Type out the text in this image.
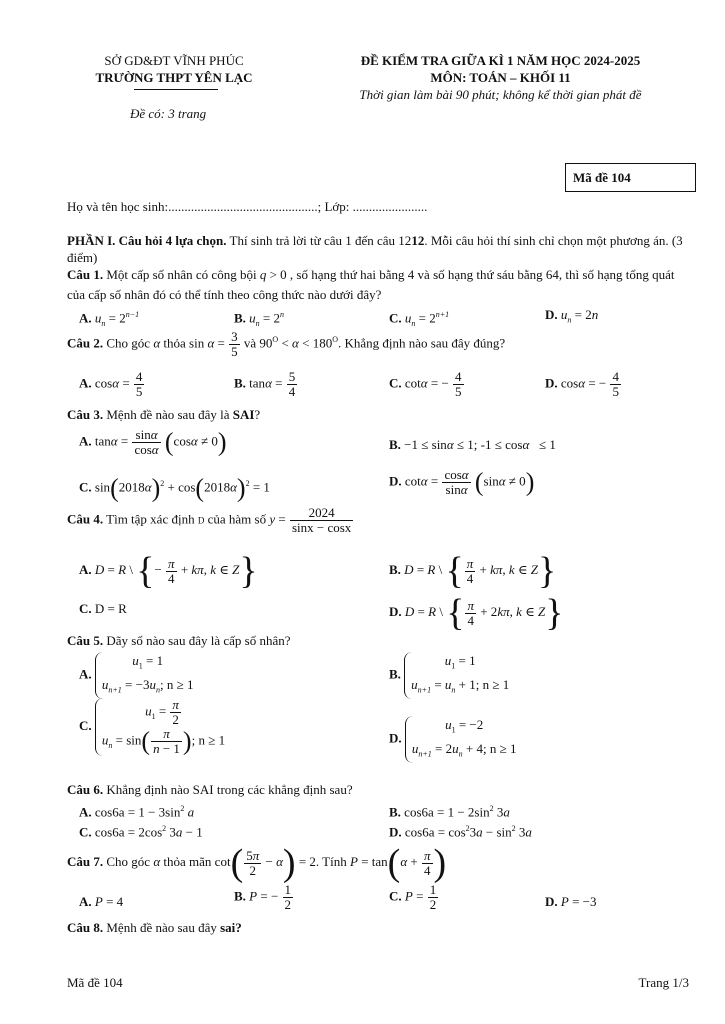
SỞ GD&ĐT VĨNH PHÚC
TRƯỜNG THPT YÊN LẠC
Đề có: 3 trang
ĐỀ KIỂM TRA GIỮA KÌ 1 NĂM HỌC 2024-2025
MÔN: TOÁN – KHỐI 11
Thời gian làm bài 90 phút; không kể thời gian phát đề
Mã đề 104
Họ và tên học sinh:..............................................; Lớp: .......................
PHẦN I. Câu hỏi 4 lựa chọn. Thí sinh trả lời từ câu 1 đến câu 1212. Mỗi câu hỏi thí sinh chỉ chọn một phương án. (3 điểm)
Câu 1. Một cấp số nhân có công bội q > 0 , số hạng thứ hai bằng 4 và số hạng thứ sáu bằng 64, thì số hạng tổng quát của cấp số nhân đó có thể tính theo công thức nào dưới đây?
A. $u_n = 2^{n-1}$	B. $u_n = 2^n$	C. $u_n = 2^{n+1}$	D. $u_n = 2n$
Câu 2. Cho góc α thỏa $\sin \alpha = \frac{3}{5}$ và $90^O < \alpha < 180^O$. Khẳng định nào sau đây đúng?
A. $\cos\alpha = \frac{4}{5}$	B. $\tan\alpha = \frac{5}{4}$	C. cotα = − $\frac{4}{5}$	D. cosα = − $\frac{4}{5}$
Câu 3. Mệnh đề nào sau đây là SAI?
A. $\tan\alpha = \frac{\sin\alpha}{\cos\alpha} (\cos\alpha \ne 0)$	B. −1 ≤ sinα ≤ 1; -1 ≤ cosα   ≤ 1
C. $\sin(2018\alpha)^2 + \cos(2018\alpha)^2 = 1$	D. $\cot\alpha = \frac{\cos\alpha}{\sin\alpha} (\sin\alpha \ne 0)$
Câu 4. Tìm tập xác định D của hàm số $y = \frac{2024}{\sin x - \cos x}$
A. D = R \ {− $\frac{\pi}{4} + k\pi$, k ∈ Z}	B. D = R \ { $\frac{\pi}{4} + k\pi$, k ∈ Z}
C. D = R	D. D = R \ { $\frac{\pi}{4} + 2k\pi$, k ∈ Z}
Câu 5. Dãy số nào sau đây là cấp số nhân?
A.
$u_1 = 1$
$u_{n+1} = -3u_n$; n ≥ 1
B.
$u_1 = 1$
$u_{n+1} = u_n + 1$; n ≥ 1
C.
$u_1 = \frac{\pi}{2}$
$u_n = \sin( \frac{\pi}{n - 1}$ ); n ≥ 1	D.
$u_1 = -2$
$u_{n+1} = 2u_n + 4$; n ≥ 1
Câu 6. Khẳng định nào SAI trong các khẳng định sau?
A. $\cos 6a = 1 - 3\sin^2$ a	B. $\cos 6a = 1 - 2\sin^2$ 3a
C. $\cos 6a = 2\cos^2$ 3a − 1	D. $\cos 6a = \cos^23a - \sin^2 3a$
Câu 7. Cho góc α thỏa mãn $\cot( \frac{5\pi}{2} - \alpha) = 2$. Tính $P = \tan(\alpha + \frac{\pi}{4}$ )
A. P = 4	B. P = − $\frac{1}{2}$	C. $P = \frac{1}{2}$	D. P = −3
Câu 8. Mệnh đề nào sau đây sai?
Mã đề 104	Trang 1/3
